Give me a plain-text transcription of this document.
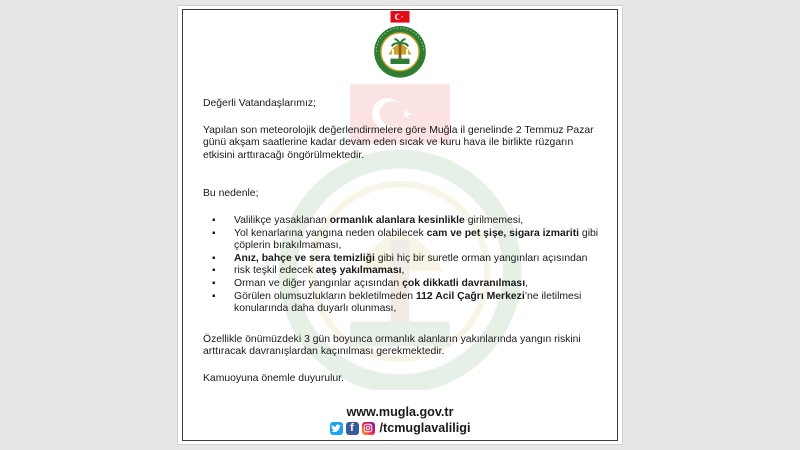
Değerli Vatandaşlarımız;

Yapılan son meteorolojik değerlendirmelere göre Muğla il genelinde 2 Temmuz Pazar günü akşam saatlerine kadar devam eden sıcak ve kuru hava ile birlikte rüzgarın etkisini arttıracağı öngörülmektedir.

Bu nedenle;

▪ Valilikçe yasaklanan ormanlık alanlara kesinlikle girilmemesi,
▪ Yol kenarlarına yangına neden olabilecek cam ve pet şişe, sigara izmariti gibi çöplerin bırakılmaması,
▪ Anız, bahçe ve sera temizliği gibi hiç bir suretle orman yangınları açısından
▪ risk teşkil edecek ateş yakılmaması,
▪ Orman ve diğer yangınlar açısından çok dikkatli davranılması,
▪ Görülen olumsuzlukların bekletilmeden 112 Acil Çağrı Merkezi’ne iletilmesi konularında daha duyarlı olunması,

Özellikle önümüzdeki 3 gün boyunca ormanlık alanların yakınlarında yangın riskini arttıracak davranışlardan kaçınılması gerekmektedir.

Kamuoyuna önemle duyurulur.

www.mugla.gov.tr
f	/tcmuglavaliligi
